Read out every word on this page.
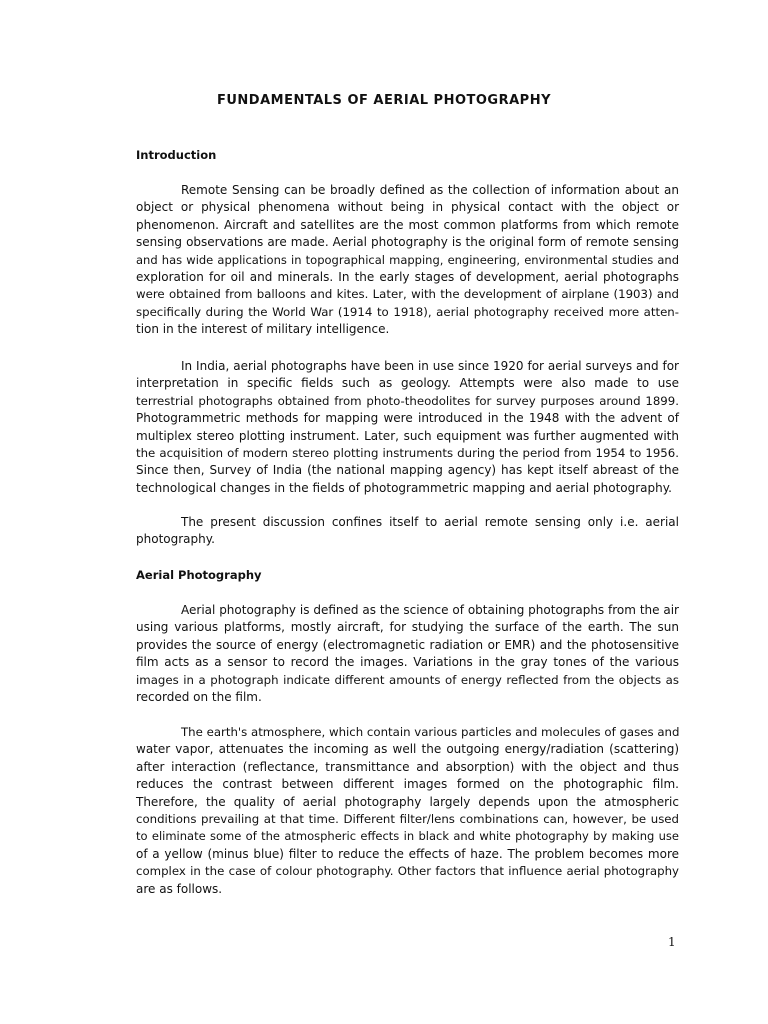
FUNDAMENTALS OF AERIAL PHOTOGRAPHY
Introduction
Remote Sensing can be broadly defined as the collection of information about an
object or physical phenomena without being in physical contact with the object or
phenomenon. Aircraft and satellites are the most common platforms from which remote
sensing observations are made. Aerial photography is the original form of remote sensing
and has wide applications in topographical mapping, engineering, environmental studies and
exploration for oil and minerals. In the early stages of development, aerial photographs
were obtained from balloons and kites. Later, with the development of airplane (1903) and
specifically during the World War (1914 to 1918), aerial photography received more atten-
tion in the interest of military intelligence.
In India, aerial photographs have been in use since 1920 for aerial surveys and for
interpretation in specific fields such as geology. Attempts were also made to use
terrestrial photographs obtained from photo-theodolites for survey purposes around 1899.
Photogrammetric methods for mapping were introduced in the 1948 with the advent of
multiplex stereo plotting instrument. Later, such equipment was further augmented with
the acquisition of modern stereo plotting instruments during the period from 1954 to 1956.
Since then, Survey of India (the national mapping agency) has kept itself abreast of the
technological changes in the fields of photogrammetric mapping and aerial photography.
The present discussion confines itself to aerial remote sensing only i.e. aerial
photography.
Aerial Photography
Aerial photography is defined as the science of obtaining photographs from the air
using various platforms, mostly aircraft, for studying the surface of the earth. The sun
provides the source of energy (electromagnetic radiation or EMR) and the photosensitive
film acts as a sensor to record the images. Variations in the gray tones of the various
images in a photograph indicate different amounts of energy reflected from the objects as
recorded on the film.
The earth's atmosphere, which contain various particles and molecules of gases and
water vapor, attenuates the incoming as well the outgoing energy/radiation (scattering)
after interaction (reflectance, transmittance and absorption) with the object and thus
reduces the contrast between different images formed on the photographic film.
Therefore, the quality of aerial photography largely depends upon the atmospheric
conditions prevailing at that time. Different filter/lens combinations can, however, be used
to eliminate some of the atmospheric effects in black and white photography by making use
of a yellow (minus blue) filter to reduce the effects of haze. The problem becomes more
complex in the case of colour photography. Other factors that influence aerial photography
are as follows.
1
